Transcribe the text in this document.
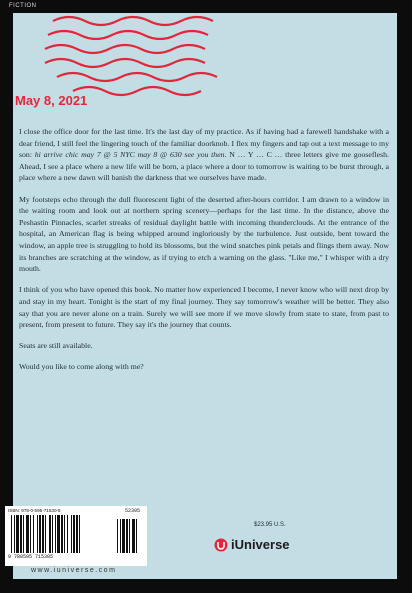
FICTION
May 8, 2021

I close the office door for the last time. It's the last day of my practice. As if having had a farewell handshake with a dear friend, I still feel the lingering touch of the familiar doorknob. I flex my fingers and tap out a text message to my son: hi arrive chic may 7 @ 5 NYC may 8 @ 630 see you then. N … Y … C … three letters give me gooseflesh. Ahead, I see a place where a new life will be born, a place where a door to tomorrow is waiting to be burst through, a place where a new dawn will banish the darkness that we ourselves have made.

My footsteps echo through the dull fluorescent light of the deserted after-hours corridor. I am drawn to a window in the waiting room and look out at northern spring scenery—perhaps for the last time. In the distance, above the Peshastin Pinnacles, scarlet streaks of residual daylight battle with incoming thunderclouds. At the entrance of the hospital, an American flag is being whipped around ingloriously by the turbulence. Just outside, bent toward the window, an apple tree is struggling to hold its blossoms, but the wind snatches pink petals and flings them away. Now its branches are scratching at the window, as if trying to etch a warning on the glass. "Like me," I whisper with a dry mouth.

I think of you who have opened this book. No matter how experienced I become, I never know who will next drop by and stay in my heart. Tonight is the start of my final journey. They say tomorrow's weather will be better. They also say that you are never alone on a train. Surely we will see more if we move slowly from state to state, from past to present, from present to future. They say it's the journey that counts.

Seats are still available.

Would you like to come along with me?

ISBN: 978-0-595-71530-5	52395
9 780595 715305
$23.95 U.S.
iUniverse
www.iuniverse.com
